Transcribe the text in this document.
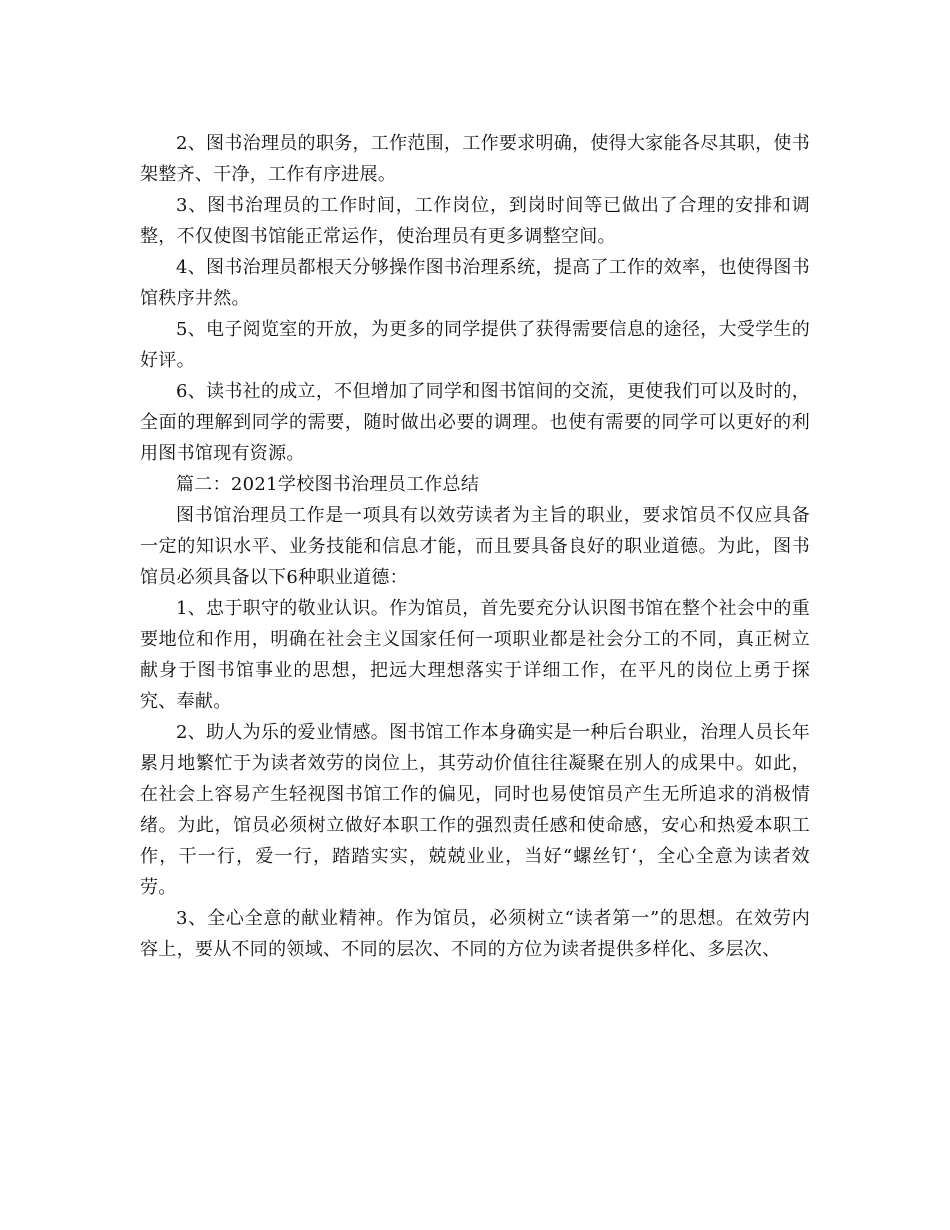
2、图书治理员的职务，工作范围，工作要求明确，使得大家能各尽其职，使书架整齐、干净，工作有序进展。

3、图书治理员的工作时间，工作岗位，到岗时间等已做出了合理的安排和调整，不仅使图书馆能正常运作，使治理员有更多调整空间。

4、图书治理员都根天分够操作图书治理系统，提高了工作的效率，也使得图书馆秩序井然。

5、电子阅览室的开放，为更多的同学提供了获得需要信息的途径，大受学生的好评。

6、读书社的成立，不但增加了同学和图书馆间的交流，更使我们可以及时的，全面的理解到同学的需要，随时做出必要的调理。也使有需要的同学可以更好的利用图书馆现有资源。

篇二：2021学校图书治理员工作总结

图书馆治理员工作是一项具有以效劳读者为主旨的职业，要求馆员不仅应具备一定的知识水平、业务技能和信息才能，而且要具备良好的职业道德。为此，图书馆员必须具备以下6种职业道德：

1、忠于职守的敬业认识。作为馆员，首先要充分认识图书馆在整个社会中的重要地位和作用，明确在社会主义国家任何一项职业都是社会分工的不同，真正树立献身于图书馆事业的思想，把远大理想落实于详细工作，在平凡的岗位上勇于探究、奉献。

2、助人为乐的爱业情感。图书馆工作本身确实是一种后台职业，治理人员长年累月地繁忙于为读者效劳的岗位上，其劳动价值往往凝聚在别人的成果中。如此，在社会上容易产生轻视图书馆工作的偏见，同时也易使馆员产生无所追求的消极情绪。为此，馆员必须树立做好本职工作的强烈责任感和使命感，安心和热爱本职工作，干一行，爱一行，踏踏实实，兢兢业业，当好“螺丝钉‘，全心全意为读者效劳。

3、全心全意的献业精神。作为馆员，必须树立“读者第一”的思想。在效劳内容上，要从不同的领域、不同的层次、不同的方位为读者提供多样化、多层次、
